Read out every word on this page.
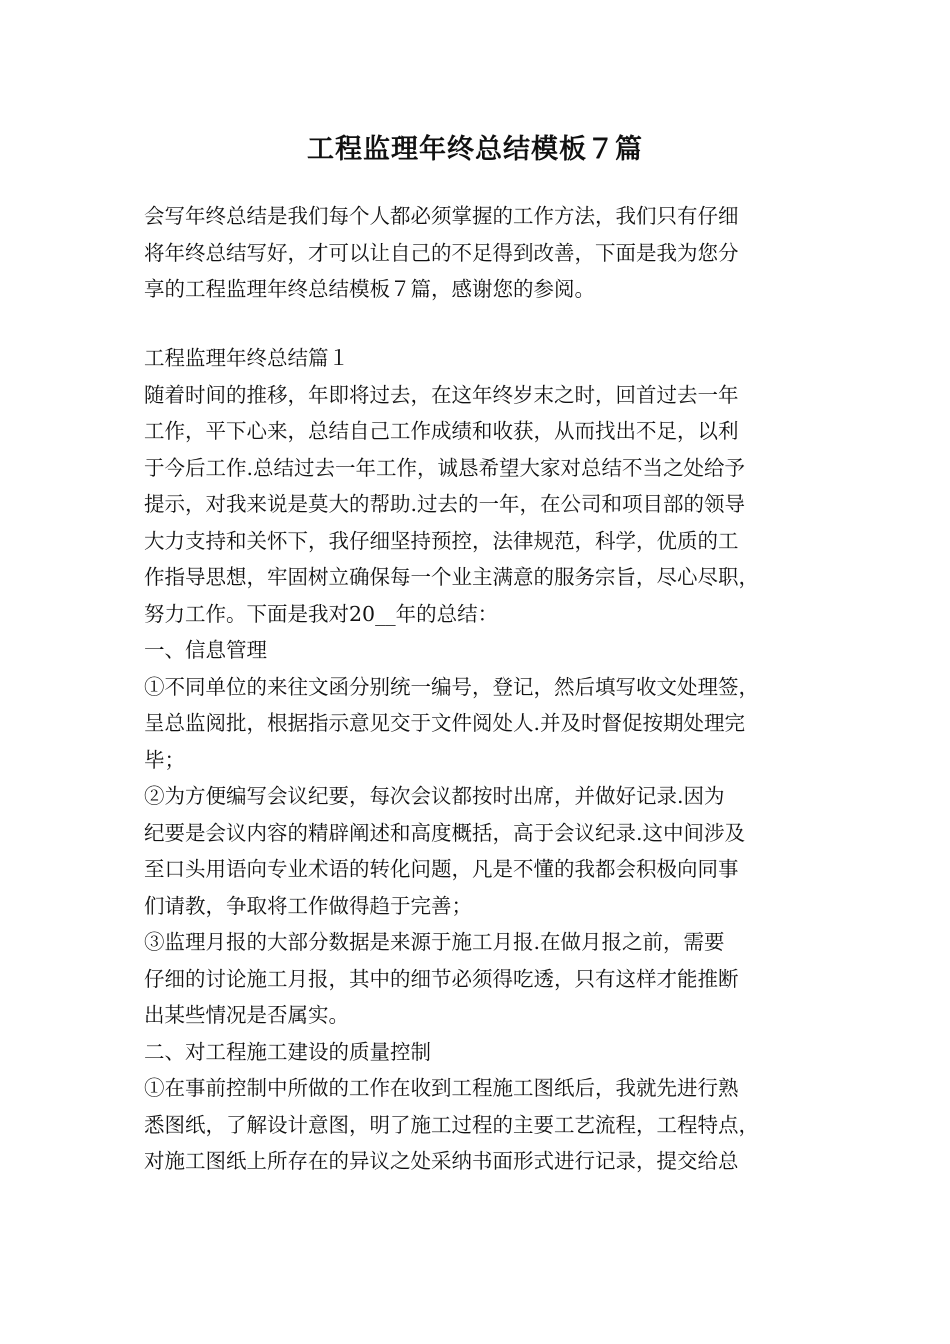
工程监理年终总结模板７篇
会写年终总结是我们每个人都必须掌握的工作方法，我们只有仔细
将年终总结写好，才可以让自己的不足得到改善，下面是我为您分
享的工程监理年终总结模板７篇，感谢您的参阅。
工程监理年终总结篇１
随着时间的推移，年即将过去，在这年终岁末之时，回首过去一年
工作，平下心来，总结自己工作成绩和收获，从而找出不足，以利
于今后工作.总结过去一年工作，诚恳希望大家对总结不当之处给予
提示，对我来说是莫大的帮助.过去的一年，在公司和项目部的领导
大力支持和关怀下，我仔细坚持预控，法律规范，科学，优质的工
作指导思想，牢固树立确保每一个业主满意的服务宗旨，尽心尽职，
努力工作。下面是我对20__年的总结：
一、信息管理
①不同单位的来往文函分别统一编号，登记，然后填写收文处理签，
呈总监阅批，根据指示意见交于文件阅处人.并及时督促按期处理完
毕；
②为方便编写会议纪要，每次会议都按时出席，并做好记录.因为
纪要是会议内容的精辟阐述和高度概括，高于会议纪录.这中间涉及
至口头用语向专业术语的转化问题，凡是不懂的我都会积极向同事
们请教，争取将工作做得趋于完善；
③监理月报的大部分数据是来源于施工月报.在做月报之前，需要
仔细的讨论施工月报，其中的细节必须得吃透，只有这样才能推断
出某些情况是否属实。
二、对工程施工建设的质量控制
①在事前控制中所做的工作在收到工程施工图纸后，我就先进行熟
悉图纸，了解设计意图，明了施工过程的主要工艺流程，工程特点，
对施工图纸上所存在的异议之处采纳书面形式进行记录，提交给总
